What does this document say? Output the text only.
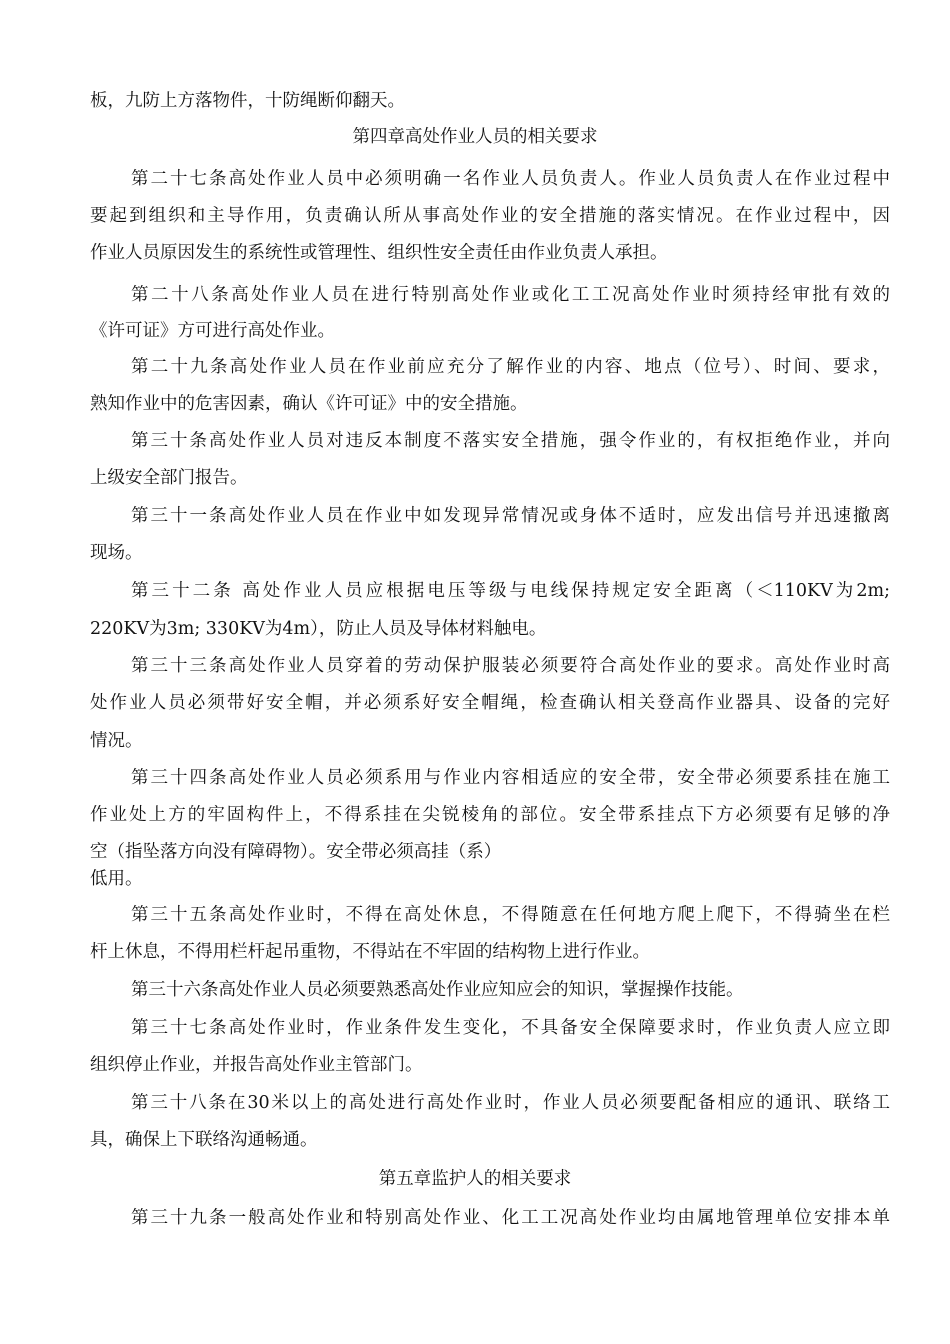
板，九防上方落物件，十防绳断仰翻天。
第四章高处作业人员的相关要求
第二十七条高处作业人员中必须明确一名作业人员负责人。作业人员负责人在作业过程中
要起到组织和主导作用，负责确认所从事高处作业的安全措施的落实情况。在作业过程中，因
作业人员原因发生的系统性或管理性、组织性安全责任由作业负责人承担。
第二十八条高处作业人员在进行特别高处作业或化工工况高处作业时须持经审批有效的
《许可证》方可进行高处作业。
第二十九条高处作业人员在作业前应充分了解作业的内容、地点（位号）、时间、要求，
熟知作业中的危害因素，确认《许可证》中的安全措施。
第三十条高处作业人员对违反本制度不落实安全措施，强令作业的，有权拒绝作业，并向
上级安全部门报告。
第三十一条高处作业人员在作业中如发现异常情况或身体不适时，应发出信号并迅速撤离
现场。
第三十二条 高处作业人员应根据电压等级与电线保持规定安全距离（＜110KV为2m;
220KV为3m; 330KV为4m），防止人员及导体材料触电。
第三十三条高处作业人员穿着的劳动保护服装必须要符合高处作业的要求。高处作业时高
处作业人员必须带好安全帽，并必须系好安全帽绳，检查确认相关登高作业器具、设备的完好
情况。
第三十四条高处作业人员必须系用与作业内容相适应的安全带，安全带必须要系挂在施工
作业处上方的牢固构件上，不得系挂在尖锐棱角的部位。安全带系挂点下方必须要有足够的净
空（指坠落方向没有障碍物）。安全带必须高挂（系）
低用。
第三十五条高处作业时，不得在高处休息，不得随意在任何地方爬上爬下，不得骑坐在栏
杆上休息，不得用栏杆起吊重物，不得站在不牢固的结构物上进行作业。
第三十六条高处作业人员必须要熟悉高处作业应知应会的知识，掌握操作技能。
第三十七条高处作业时，作业条件发生变化，不具备安全保障要求时，作业负责人应立即
组织停止作业，并报告高处作业主管部门。
第三十八条在30米以上的高处进行高处作业时，作业人员必须要配备相应的通讯、联络工
具，确保上下联络沟通畅通。
第五章监护人的相关要求
第三十九条一般高处作业和特别高处作业、化工工况高处作业均由属地管理单位安排本单
